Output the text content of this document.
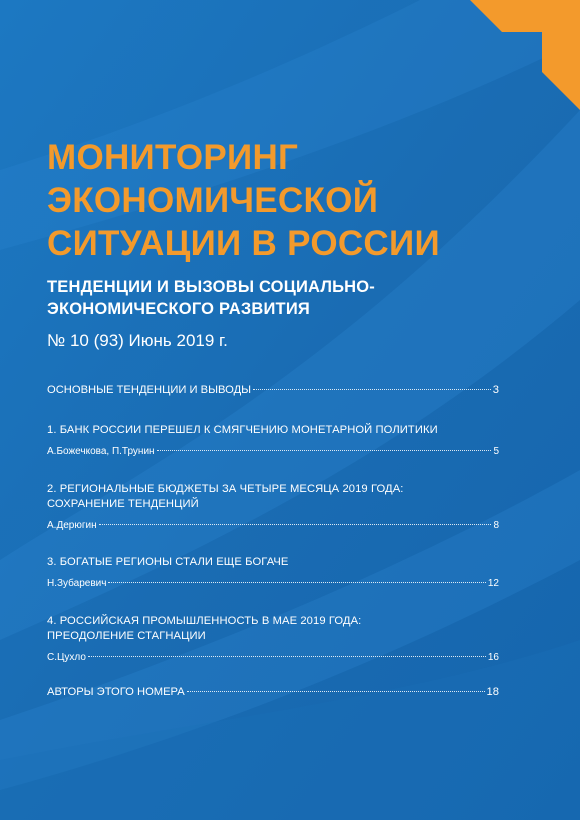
МОНИТОРИНГ
ЭКОНОМИЧЕСКОЙ
СИТУАЦИИ В РОССИИ
ТЕНДЕНЦИИ И ВЫЗОВЫ СОЦИАЛЬНО-
ЭКОНОМИЧЕСКОГО РАЗВИТИЯ
№ 10 (93) Июнь 2019 г.
ОСНОВНЫЕ ТЕНДЕНЦИИ И ВЫВОДЫ	3
1. БАНК РОССИИ ПЕРЕШЕЛ К СМЯГЧЕНИЮ МОНЕТАРНОЙ ПОЛИТИКИ
А.Божечкова, П.Трунин	5
2. РЕГИОНАЛЬНЫЕ БЮДЖЕТЫ ЗА ЧЕТЫРЕ МЕСЯЦА 2019 ГОДА:
СОХРАНЕНИЕ ТЕНДЕНЦИЙ
А.Дерюгин	8
3. БОГАТЫЕ РЕГИОНЫ СТАЛИ ЕЩЕ БОГАЧЕ
Н.Зубаревич	12
4. РОССИЙСКАЯ ПРОМЫШЛЕННОСТЬ В МАЕ 2019 ГОДА:
ПРЕОДОЛЕНИЕ СТАГНАЦИИ
С.Цухло	16
АВТОРЫ ЭТОГО НОМЕРА	18
